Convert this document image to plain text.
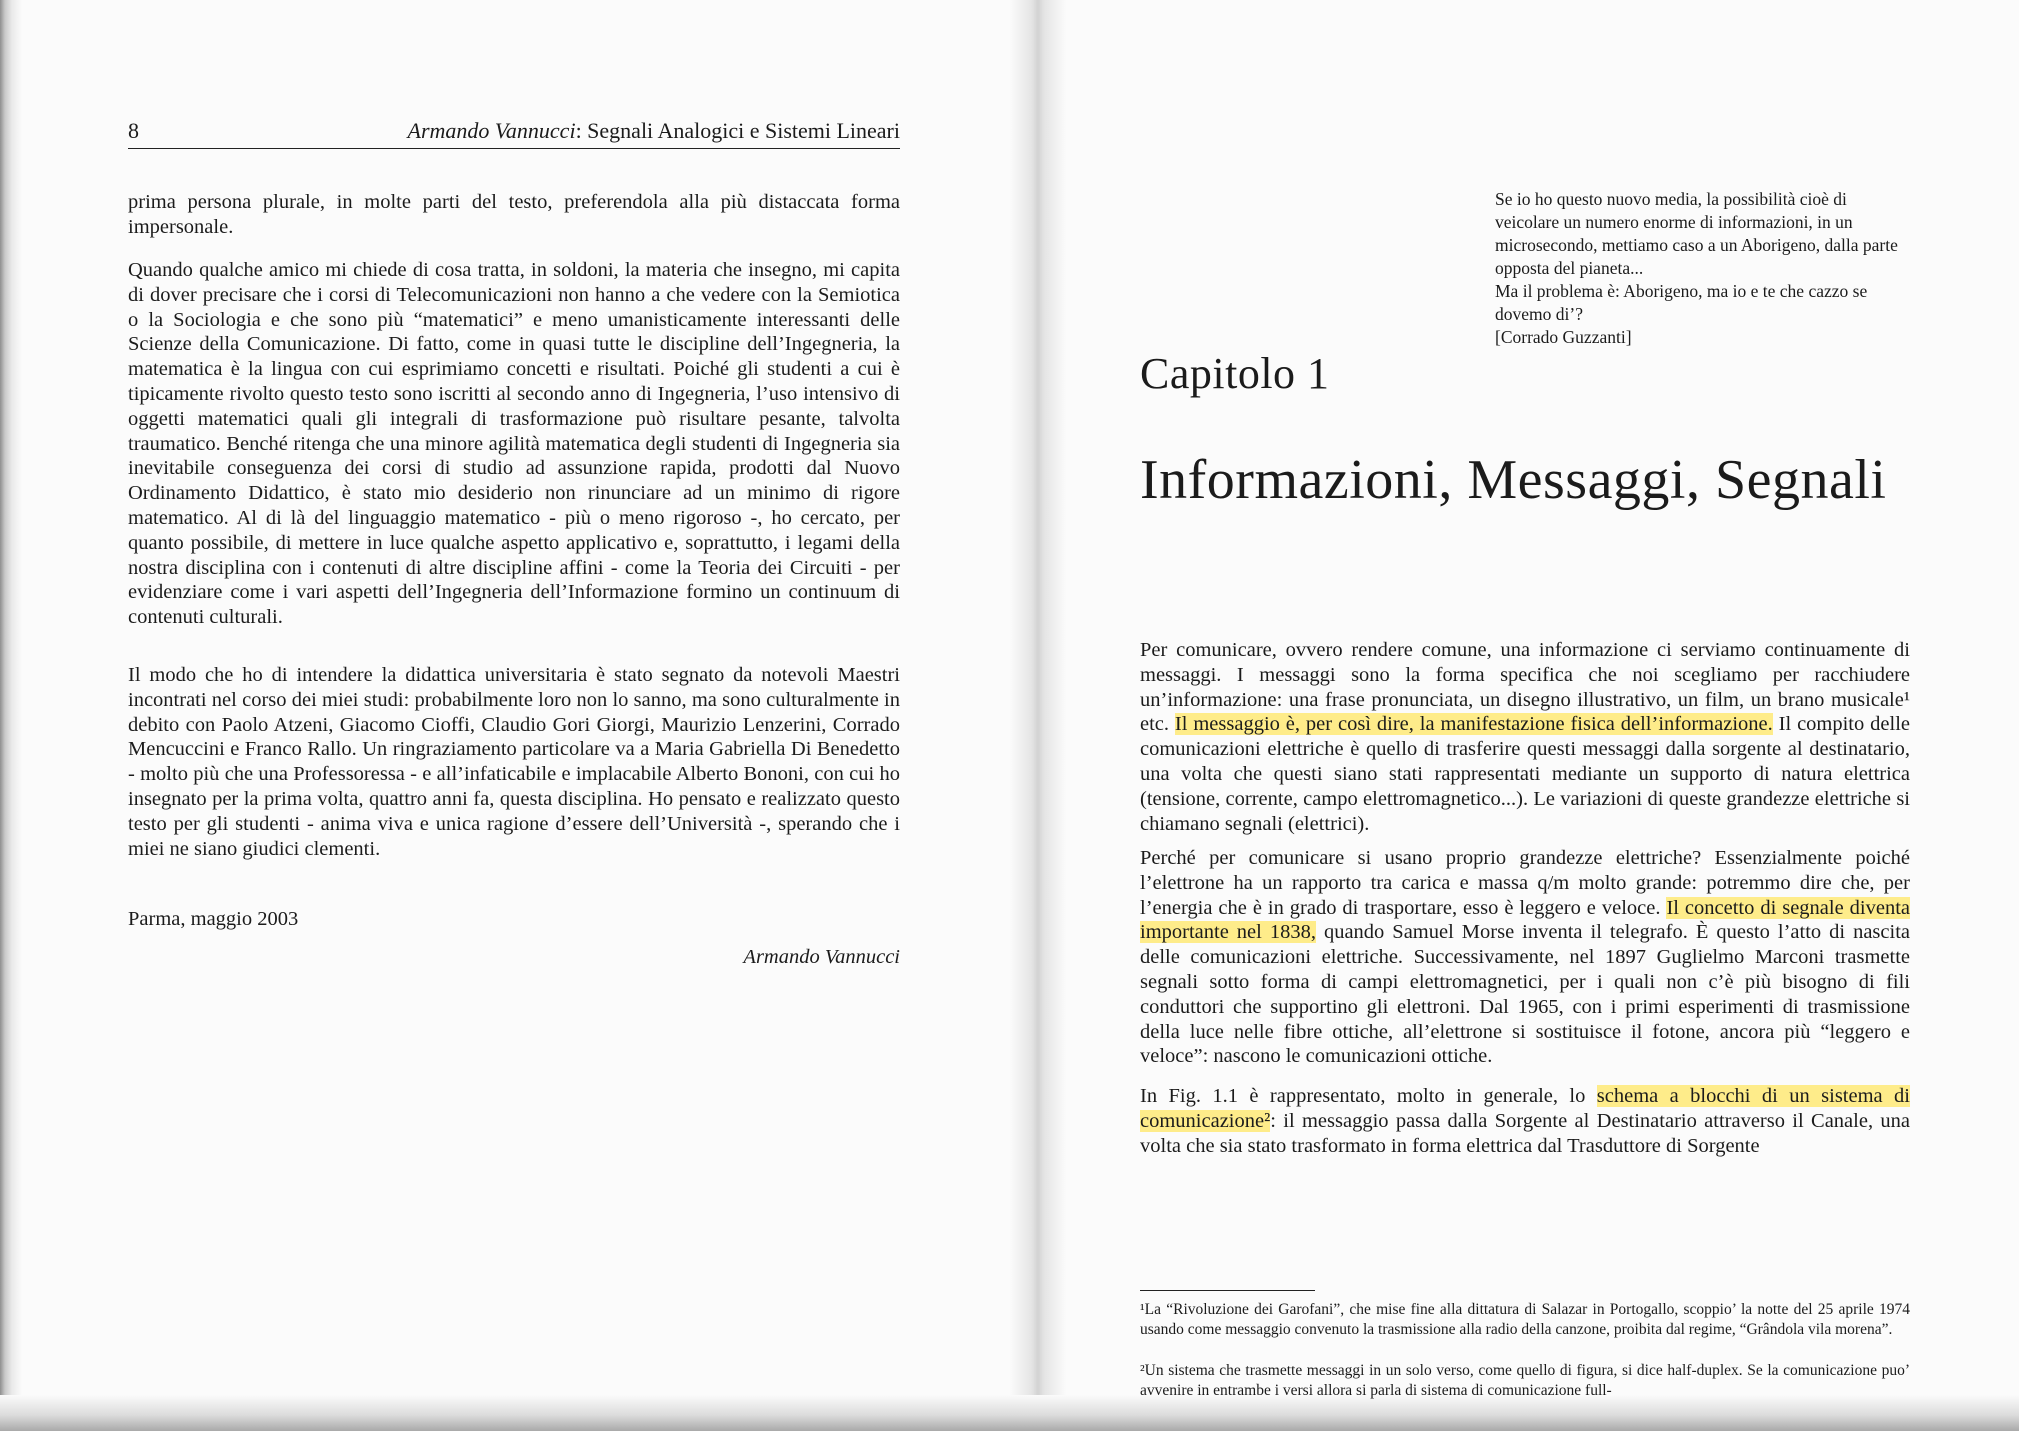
8	Armando Vannucci: Segnali Analogici e Sistemi Lineari

prima persona plurale, in molte parti del testo, preferendola alla più distaccata forma impersonale.

Quando qualche amico mi chiede di cosa tratta, in soldoni, la materia che insegno, mi capita di dover precisare che i corsi di Telecomunicazioni non hanno a che vedere con la Semiotica o la Sociologia e che sono più “matematici” e meno umanisticamente interessanti delle Scienze della Comunicazione. Di fatto, come in quasi tutte le discipline dell’Ingegneria, la matematica è la lingua con cui esprimiamo concetti e risultati. Poiché gli studenti a cui è tipicamente rivolto questo testo sono iscritti al secondo anno di Ingegneria, l’uso intensivo di oggetti matematici quali gli integrali di trasformazione può risultare pesante, talvolta traumatico. Benché ritenga che una minore agilità matematica degli studenti di Ingegneria sia inevitabile conseguenza dei corsi di studio ad assunzione rapida, prodotti dal Nuovo Ordinamento Didattico, è stato mio desiderio non rinunciare ad un minimo di rigore matematico. Al di là del linguaggio matematico - più o meno rigoroso -, ho cercato, per quanto possibile, di mettere in luce qualche aspetto applicativo e, soprattutto, i legami della nostra disciplina con i contenuti di altre discipline affini - come la Teoria dei Circuiti - per evidenziare come i vari aspetti dell’Ingegneria dell’Informazione formino un continuum di contenuti culturali.

Il modo che ho di intendere la didattica universitaria è stato segnato da notevoli Maestri incontrati nel corso dei miei studi: probabilmente loro non lo sanno, ma sono culturalmente in debito con Paolo Atzeni, Giacomo Cioffi, Claudio Gori Giorgi, Maurizio Lenzerini, Corrado Mencuccini e Franco Rallo. Un ringraziamento particolare va a Maria Gabriella Di Benedetto - molto più che una Professoressa - e all’infaticabile e implacabile Alberto Bononi, con cui ho insegnato per la prima volta, quattro anni fa, questa disciplina. Ho pensato e realizzato questo testo per gli studenti - anima viva e unica ragione d’essere dell’Università -, sperando che i miei ne siano giudici clementi.

Parma, maggio 2003
Armando Vannucci
Se io ho questo nuovo media, la possibilità cioè di veicolare un numero enorme di informazioni, in un microsecondo, mettiamo caso a un Aborigeno, dalla parte opposta del pianeta...
Ma il problema è: Aborigeno, ma io e te che cazzo se dovemo di’?
[Corrado Guzzanti]
Capitolo 1
Informazioni, Messaggi, Segnali

Per comunicare, ovvero rendere comune, una informazione ci serviamo continuamente di messaggi. I messaggi sono la forma specifica che noi scegliamo per racchiudere un’informazione: una frase pronunciata, un disegno illustrativo, un film, un brano musicale¹ etc. Il messaggio è, per così dire, la manifestazione fisica dell’informazione. Il compito delle comunicazioni elettriche è quello di trasferire questi messaggi dalla sorgente al destinatario, una volta che questi siano stati rappresentati mediante un supporto di natura elettrica (tensione, corrente, campo elettromagnetico...). Le variazioni di queste grandezze elettriche si chiamano segnali (elettrici).

Perché per comunicare si usano proprio grandezze elettriche? Essenzialmente poiché l’elettrone ha un rapporto tra carica e massa q/m molto grande: potremmo dire che, per l’energia che è in grado di trasportare, esso è leggero e veloce. Il concetto di segnale diventa importante nel 1838, quando Samuel Morse inventa il telegrafo. È questo l’atto di nascita delle comunicazioni elettriche. Successivamente, nel 1897 Guglielmo Marconi trasmette segnali sotto forma di campi elettromagnetici, per i quali non c’è più bisogno di fili conduttori che supportino gli elettroni. Dal 1965, con i primi esperimenti di trasmissione della luce nelle fibre ottiche, all’elettrone si sostituisce il fotone, ancora più “leggero e veloce”: nascono le comunicazioni ottiche.

In Fig. 1.1 è rappresentato, molto in generale, lo schema a blocchi di un sistema di comunicazione²: il messaggio passa dalla Sorgente al Destinatario attraverso il Canale, una volta che sia stato trasformato in forma elettrica dal Trasduttore di Sorgente

¹La “Rivoluzione dei Garofani”, che mise fine alla dittatura di Salazar in Portogallo, scoppio’ la notte del 25 aprile 1974 usando come messaggio convenuto la trasmissione alla radio della canzone, proibita dal regime, “Grândola vila morena”.

²Un sistema che trasmette messaggi in un solo verso, come quello di figura, si dice half-duplex. Se la comunicazione puo’ avvenire in entrambe i versi allora si parla di sistema di comunicazione full-
